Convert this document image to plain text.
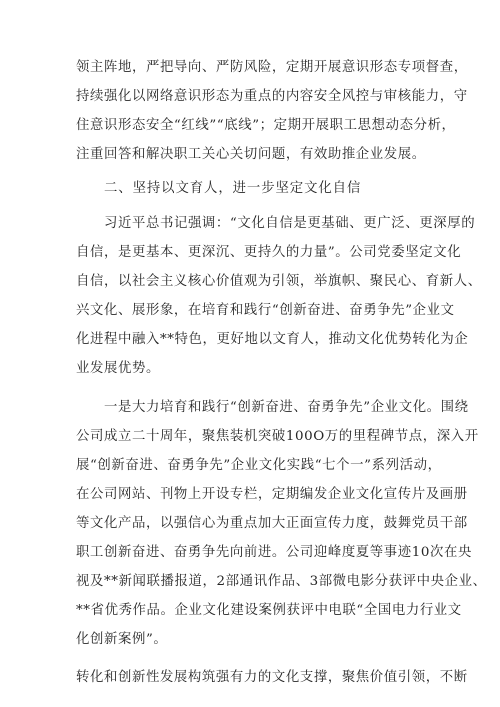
领主阵地，严把导向、严防风险，定期开展意识形态专项督查，
持续强化以网络意识形态为重点的内容安全风控与审核能力，守
住意识形态安全“红线”“底线”；定期开展职工思想动态分析，
注重回答和解决职工关心关切问题，有效助推企业发展。
二、坚持以文育人，进一步坚定文化自信
习近平总书记强调：“文化自信是更基础、更广泛、更深厚的
自信，是更基本、更深沉、更持久的力量”。公司党委坚定文化
自信，以社会主义核心价值观为引领，举旗帜、聚民心、育新人、
兴文化、展形象，在培育和践行“创新奋进、奋勇争先”企业文
化进程中融入**特色，更好地以文育人，推动文化优势转化为企
业发展优势。
一是大力培育和践行“创新奋进、奋勇争先”企业文化。围绕
公司成立二十周年，聚焦装机突破100O万的里程碑节点，深入开
展“创新奋进、奋勇争先”企业文化实践“七个一”系列活动，
在公司网站、刊物上开设专栏，定期编发企业文化宣传片及画册
等文化产品，以强信心为重点加大正面宣传力度，鼓舞党员干部
职工创新奋进、奋勇争先向前进。公司迎峰度夏等事迹10次在央
视及**新闻联播报道，2部通讯作品、3部微电影分获评中央企业、
**省优秀作品。企业文化建设案例获评中电联“全国电力行业文
化创新案例”。
转化和创新性发展构筑强有力的文化支撑，聚焦价值引领，不断
